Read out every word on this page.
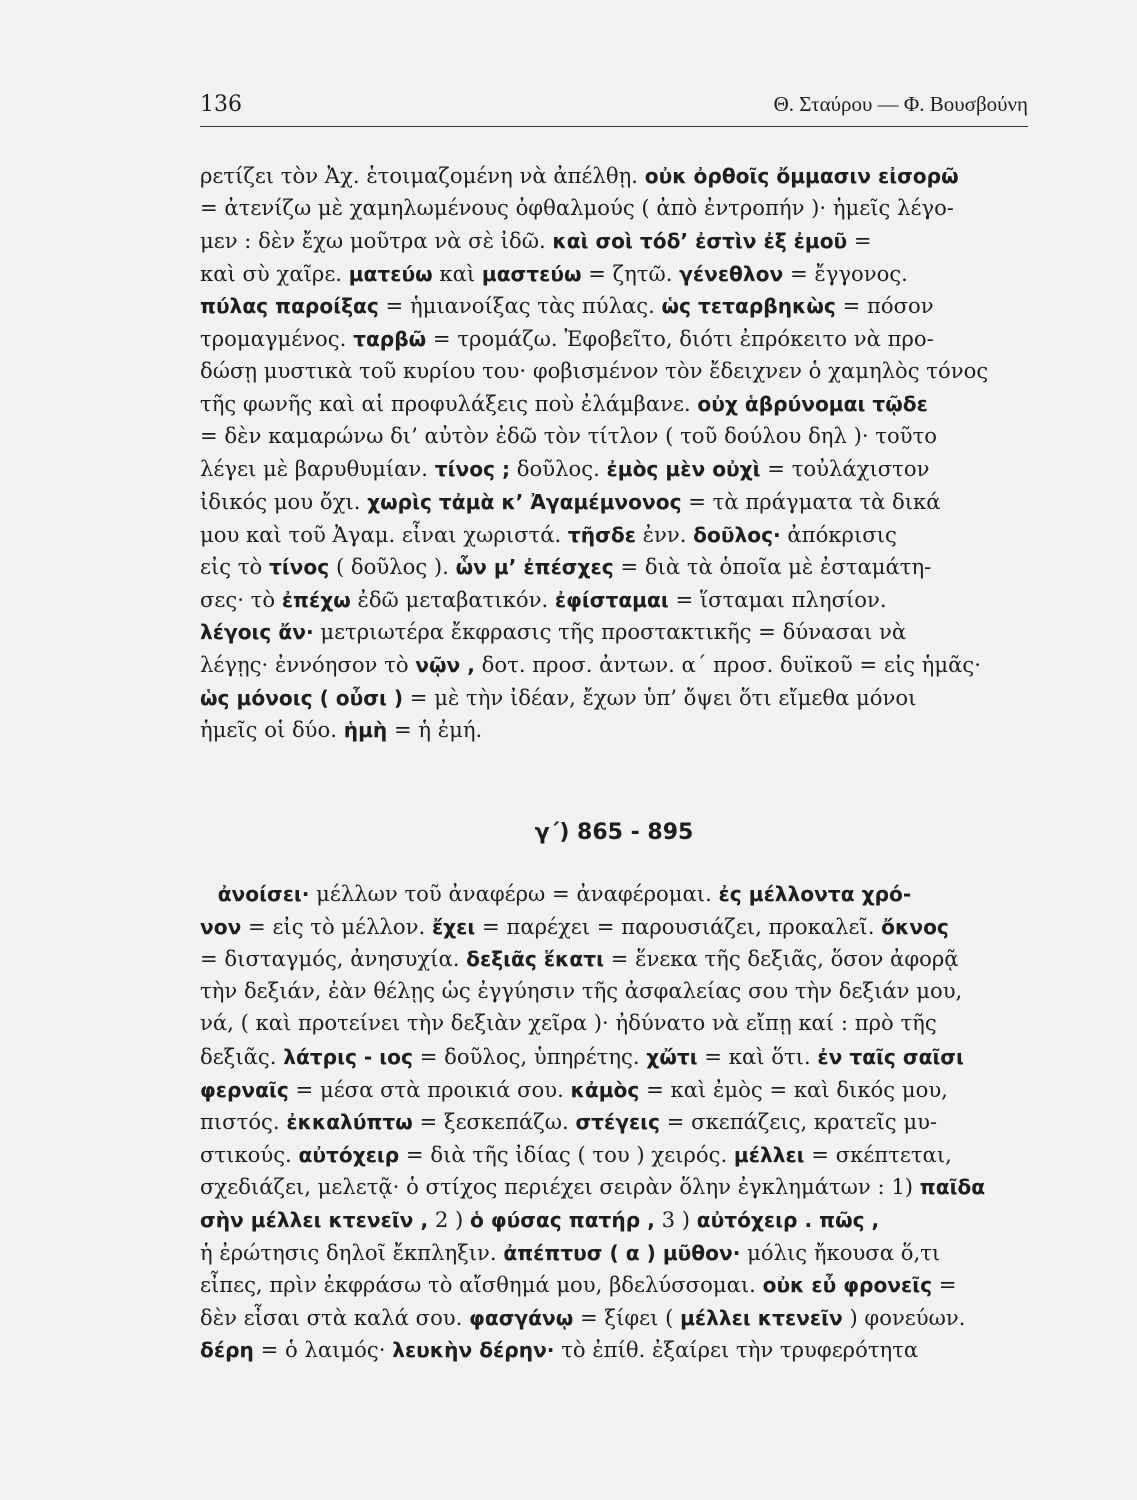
136	Θ. Σταύρου — Φ. Βουσβούνη
ρετίζει τὸν Ἀχ. ἑτοιμαζομένη νὰ ἀπέλθῃ. οὐκ ὀρθοῖς ὄμμασιν εἰσορῶ
= ἀτενίζω μὲ χαμηλωμένους ὀφθαλμούς ( ἀπὸ ἐντροπήν )· ἡμεῖς λέγο-
μεν : δὲν ἔχω μοῦτρα νὰ σὲ ἰδῶ. καὶ σοὶ τόδ’ ἐστὶν ἐξ ἐμοῦ =
καὶ σὺ χαῖρε. ματεύω καὶ μαστεύω = ζητῶ. γένεθλον = ἔγγονος.
πύλας παροίξας = ἡμιανοίξας τὰς πύλας. ὡς τεταρβηκὼς = πόσον
τρομαγμένος. ταρβῶ = τρομάζω. Ἐφοβεῖτο, διότι ἐπρόκειτο νὰ προ-
δώσῃ μυστικὰ τοῦ κυρίου του· φοβισμένον τὸν ἔδειχνεν ὁ χαμηλὸς τόνος
τῆς φωνῆς καὶ αἱ προφυλάξεις ποὺ ἐλάμβανε. οὐχ ἁβρύνομαι τῷδε
= δὲν καμαρώνω δι’ αὐτὸν ἐδῶ τὸν τίτλον ( τοῦ δούλου δηλ )· τοῦτο
λέγει μὲ βαρυθυμίαν. τίνος ; δοῦλος. ἐμὸς μὲν οὐχὶ = τοὐλάχιστον
ἰδικός μου ὄχι. χωρὶς τἀμὰ κ’ Ἀγαμέμνονος = τὰ πράγματα τὰ δικά
μου καὶ τοῦ Ἀγαμ. εἶναι χωριστά. τῆσδε ἐνν. δοῦλος· ἀπόκρισις
εἰς τὸ τίνος ( δοῦλος ). ὧν μ’ ἐπέσχες = διὰ τὰ ὁποῖα μὲ ἐσταμάτη-
σες· τὸ ἐπέχω ἐδῶ μεταβατικόν. ἐφίσταμαι = ἵσταμαι πλησίον.
λέγοις ἄν· μετριωτέρα ἔκφρασις τῆς προστακτικῆς = δύνασαι νὰ
λέγῃς· ἐννόησον τὸ νῷν , δοτ. προσ. ἀντων. α΄ προσ. δυϊκοῦ = εἰς ἡμᾶς·
ὡς μόνοις ( οὖσι ) = μὲ τὴν ἰδέαν, ἔχων ὑπ’ ὄψει ὅτι εἴμεθα μόνοι
ἡμεῖς οἱ δύο. ἡμὴ = ἡ ἐμή.
γ΄) 865 - 895
ἀνοίσει· μέλλων τοῦ ἀναφέρω = ἀναφέρομαι. ἐς μέλλοντα χρό-
νον = εἰς τὸ μέλλον. ἔχει = παρέχει = παρουσιάζει, προκαλεῖ. ὄκνος
= δισταγμός, ἀνησυχία. δεξιᾶς ἕκατι = ἕνεκα τῆς δεξιᾶς, ὅσον ἀφορᾷ
τὴν δεξιάν, ἐὰν θέλῃς ὡς ἐγγύησιν τῆς ἀσφαλείας σου τὴν δεξιάν μου,
νά, ( καὶ προτείνει τὴν δεξιὰν χεῖρα )· ἠδύνατο νὰ εἴπῃ καί : πρὸ τῆς
δεξιᾶς. λάτρις - ιος = δοῦλος, ὑπηρέτης. χὤτι = καὶ ὅτι. ἐν ταῖς σαῖσι
φερναῖς = μέσα στὰ προικιά σου. κἀμὸς = καὶ ἐμὸς = καὶ δικός μου,
πιστός. ἐκκαλύπτω = ξεσκεπάζω. στέγεις = σκεπάζεις, κρατεῖς μυ-
στικούς. αὐτόχειρ = διὰ τῆς ἰδίας ( του ) χειρός. μέλλει = σκέπτεται,
σχεδιάζει, μελετᾷ· ὁ στίχος περιέχει σειρὰν ὅλην ἐγκλημάτων : 1) παῖδα
σὴν μέλλει κτενεῖν , 2 ) ὁ φύσας πατήρ , 3 ) αὐτόχειρ . πῶς ,
ἡ ἐρώτησις δηλοῖ ἔκπληξιν. ἀπέπτυσ ( α ) μῦθον· μόλις ἤκουσα ὅ,τι
εἶπες, πρὶν ἐκφράσω τὸ αἴσθημά μου, βδελύσσομαι. οὐκ εὖ φρονεῖς =
δὲν εἶσαι στὰ καλά σου. φασγάνῳ = ξίφει ( μέλλει κτενεῖν ) φονεύων.
δέρη = ὁ λαιμός· λευκὴν δέρην· τὸ ἐπίθ. ἐξαίρει τὴν τρυφερότητα
